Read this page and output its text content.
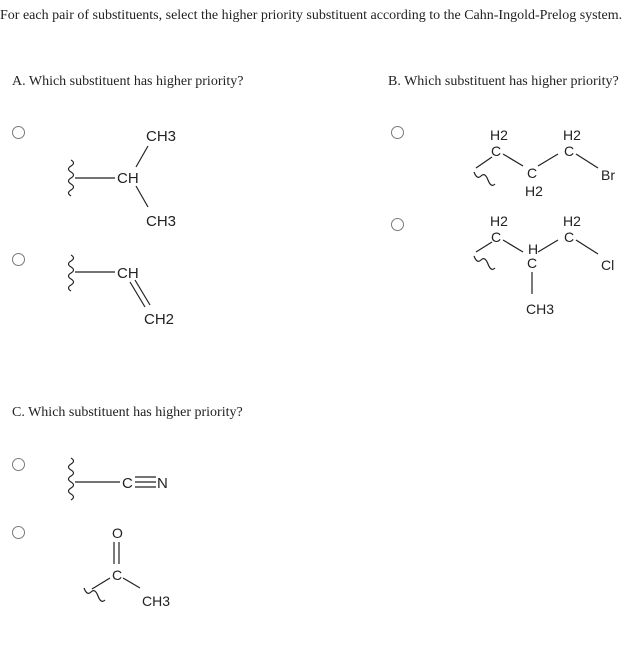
For each pair of substituents, select the higher priority substituent according to the Cahn-Ingold-Prelog system.
A. Which substituent has higher priority?
CH
CH3
CH3
CH
CH2
B. Which substituent has higher priority?
H2
C
C
H2
H2
C
Br
H2
C
H
C
H2
C
Cl
CH3
C. Which substituent has higher priority?
C N
O
C
CH3
